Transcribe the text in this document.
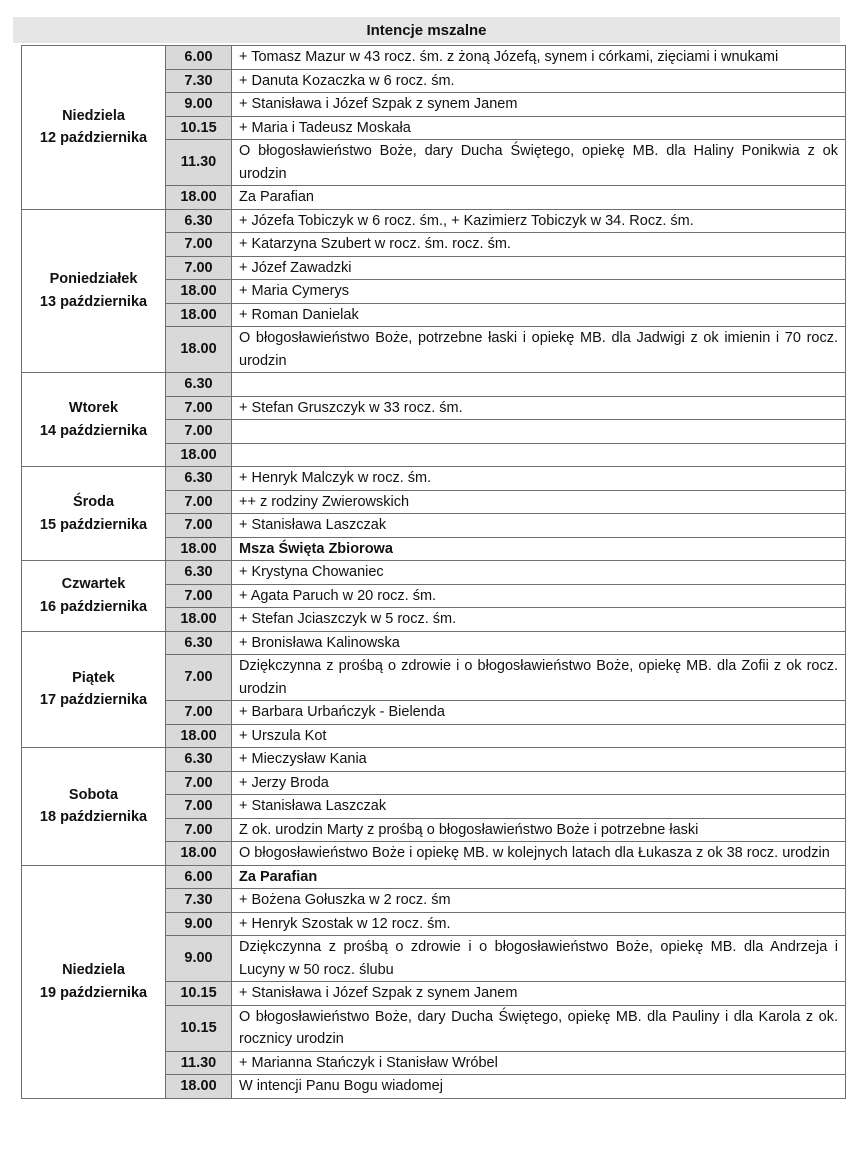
Intencje mszalne
Niedziela
12 października	6.00	+ Tomasz Mazur w 43 rocz. śm. z żoną Józefą, synem i córkami, zięciami i wnukami
	7.30	+ Danuta Kozaczka w 6 rocz. śm.
	9.00	+ Stanisława i Józef Szpak z synem Janem
	10.15	+ Maria i Tadeusz Moskała
	11.30	O błogosławieństwo Boże, dary Ducha Świętego, opiekę MB. dla Haliny Ponikwia z ok urodzin
	18.00	Za Parafian

Poniedziałek
13 października	6.30	+ Józefa Tobiczyk w 6 rocz. śm., + Kazimierz Tobiczyk w 34. Rocz. śm.
	7.00	+ Katarzyna Szubert w rocz. śm. rocz. śm.
	7.00	+ Józef Zawadzki
	18.00	+ Maria Cymerys
	18.00	+ Roman Danielak
	18.00	O błogosławieństwo Boże, potrzebne łaski i opiekę MB. dla Jadwigi z ok imienin i 70 rocz. urodzin

Wtorek
14 października	6.30	
	7.00	+ Stefan Gruszczyk w 33 rocz. śm.
	7.00	
	18.00	

Środa
15 października	6.30	+ Henryk Malczyk w rocz. śm.
	7.00	++ z rodziny Zwierowskich
	7.00	+ Stanisława Laszczak
	18.00	Msza Święta Zbiorowa

Czwartek
16 października	6.30	+ Krystyna Chowaniec
	7.00	+ Agata Paruch w 20 rocz. śm.
	18.00	+ Stefan Jciaszczyk w 5 rocz. śm.

Piątek
17 października	6.30	+ Bronisława Kalinowska
	7.00	Dziękczynna z prośbą o zdrowie i o błogosławieństwo Boże, opiekę MB. dla Zofii z ok rocz. urodzin
	7.00	+ Barbara Urbańczyk - Bielenda
	18.00	+ Urszula Kot

Sobota
18 października	6.30	+ Mieczysław Kania
	7.00	+ Jerzy Broda
	7.00	+ Stanisława Laszczak
	7.00	Z ok. urodzin Marty z prośbą o błogosławieństwo Boże i potrzebne łaski
	18.00	O błogosławieństwo Boże i opiekę MB. w kolejnych latach dla Łukasza z ok 38 rocz. urodzin

Niedziela
19 października	6.00	Za Parafian
	7.30	+ Bożena Gołuszka w 2 rocz. śm
	9.00	+ Henryk Szostak w 12 rocz. śm.
	9.00	Dziękczynna z prośbą o zdrowie i o błogosławieństwo Boże, opiekę MB. dla Andrzeja i Lucyny w 50 rocz. ślubu
	10.15	+ Stanisława i Józef Szpak z synem Janem
	10.15	O błogosławieństwo Boże, dary Ducha Świętego, opiekę MB. dla Pauliny i dla Karola z ok. rocznicy urodzin
	11.30	+ Marianna Stańczyk i Stanisław Wróbel
	18.00	W intencji Panu Bogu wiadomej
